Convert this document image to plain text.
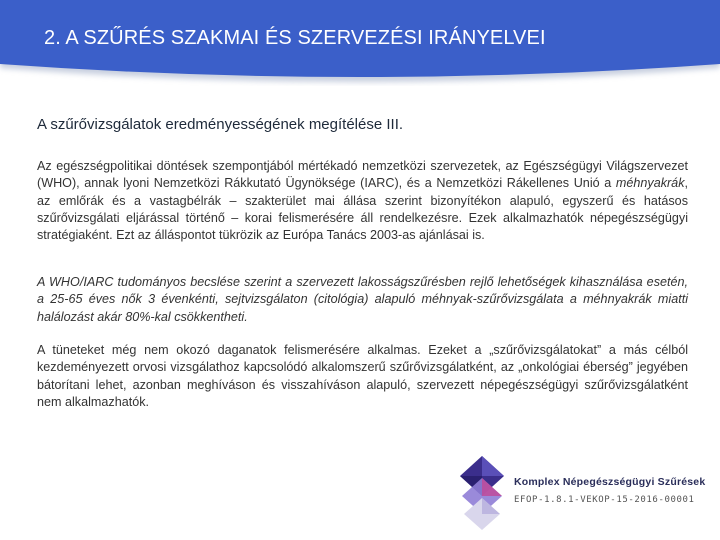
2. A SZŰRÉS SZAKMAI ÉS SZERVEZÉSI IRÁNYELVEI
A szűrővizsgálatok eredményességének megítélése III.

Az egészségpolitikai döntések szempontjából mértékadó nemzetközi szervezetek, az Egészségügyi Világszervezet (WHO), annak lyoni Nemzetközi Rákkutató Ügynöksége (IARC), és a Nemzetközi Rákellenes Unió a méhnyakrák, az emlőrák és a vastagbélrák – szakterület mai állása szerint bizonyítékon alapuló, egyszerű és hatásos szűrővizsgálati eljárással történő – korai felismerésére áll rendelkezésre. Ezek alkalmazhatók népegészségügyi stratégiaként. Ezt az álláspontot tükrözik az Európa Tanács 2003-as ajánlásai is.

A WHO/IARC tudományos becslése szerint a szervezett lakosságszűrésben rejlő lehetőségek kihasználása esetén, a 25-65 éves nők 3 évenkénti, sejtvizsgálaton (citológia) alapuló méhnyak-szűrővizsgálata a méhnyakrák miatti halálozást akár 80%-kal csökkentheti.

A tüneteket még nem okozó daganatok felismerésére alkalmas. Ezeket a „szűrővizsgálatokat” a más célból kezdeményezett orvosi vizsgálathoz kapcsolódó alkalomszerű szűrővizsgálatként, az „onkológiai éberség” jegyében bátorítani lehet, azonban meghíváson és visszahíváson alapuló, szervezett népegészségügyi szűrővizsgálatként nem alkalmazhatók.

Komplex Népegészségügyi Szűrések
EFOP-1.8.1-VEKOP-15-2016-00001
